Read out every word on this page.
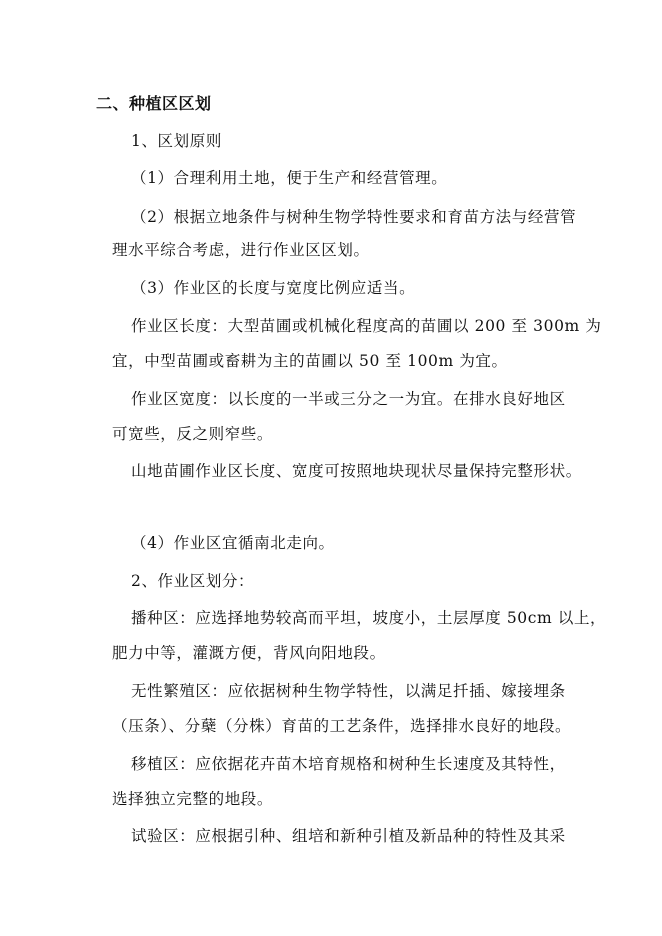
二、种植区区划
1、区划原则
（1）合理利用土地，便于生产和经营管理。
（2）根据立地条件与树种生物学特性要求和育苗方法与经营管
理水平综合考虑，进行作业区区划。
（3）作业区的长度与宽度比例应适当。
作业区长度：大型苗圃或机械化程度高的苗圃以 200 至 300m 为
宜，中型苗圃或畜耕为主的苗圃以 50 至 100m 为宜。
作业区宽度：以长度的一半或三分之一为宜。在排水良好地区
可宽些，反之则窄些。
山地苗圃作业区长度、宽度可按照地块现状尽量保持完整形状。
（4）作业区宜循南北走向。
2、作业区划分：
播种区：应选择地势较高而平坦，坡度小，土层厚度 50cm 以上，
肥力中等，灌溉方便，背风向阳地段。
无性繁殖区：应依据树种生物学特性，以满足扦插、嫁接埋条
（压条）、分蘖（分株）育苗的工艺条件，选择排水良好的地段。
移植区：应依据花卉苗木培育规格和树种生长速度及其特性，
选择独立完整的地段。
试验区：应根据引种、组培和新种引植及新品种的特性及其采
